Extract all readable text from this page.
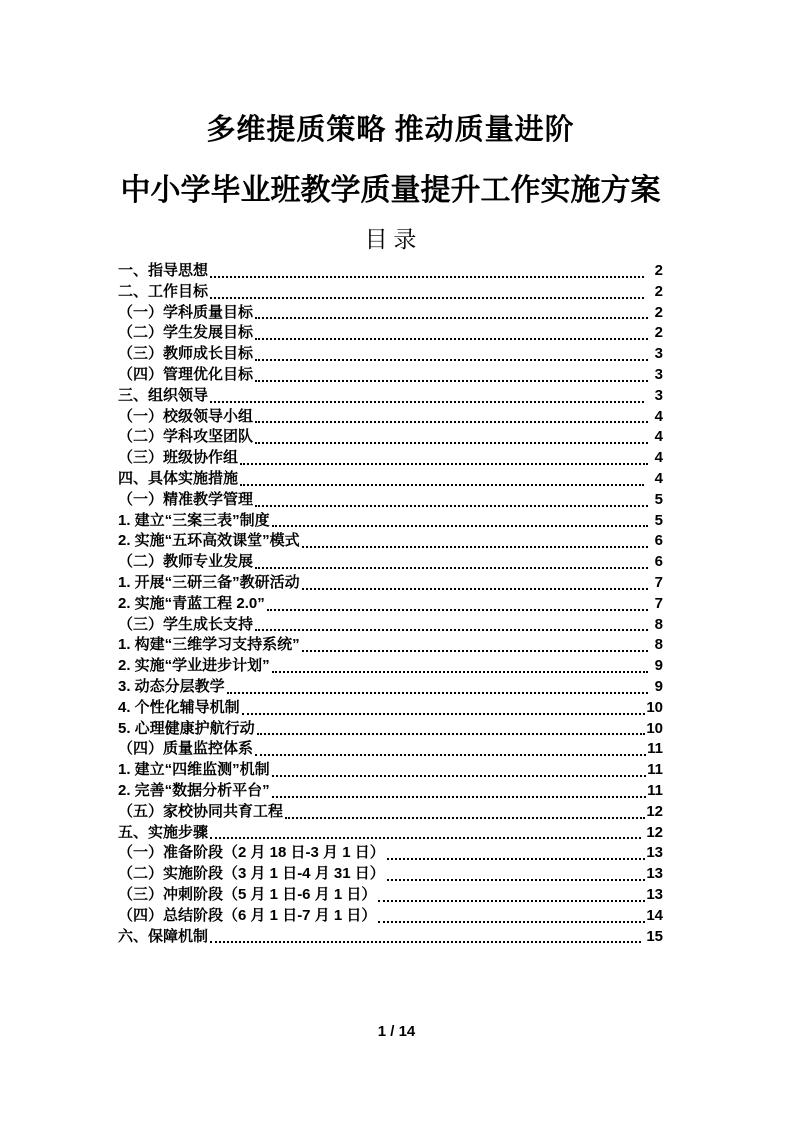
多维提质策略 推动质量进阶
中小学毕业班教学质量提升工作实施方案
目 录
一、指导思想	2
二、工作目标	2
（一）学科质量目标	2
（二）学生发展目标	2
（三）教师成长目标	3
（四）管理优化目标	3
三、组织领导	3
（一）校级领导小组	4
（二）学科攻坚团队	4
（三）班级协作组	4
四、具体实施措施	4
（一）精准教学管理	5
1. 建立“三案三表”制度	5
2. 实施“五环高效课堂”模式	6
（二）教师专业发展	6
1. 开展“三研三备”教研活动	7
2. 实施“青蓝工程 2.0”	7
（三）学生成长支持	8
1. 构建“三维学习支持系统”	8
2. 实施“学业进步计划”	9
3. 动态分层教学	9
4. 个性化辅导机制	10
5. 心理健康护航行动	10
（四）质量监控体系	11
1. 建立“四维监测”机制	11
2. 完善“数据分析平台”	11
（五）家校协同共育工程	12
五、实施步骤	12
（一）准备阶段（2 月 18 日-3 月 1 日）	13
（二）实施阶段（3 月 1 日-4 月 31 日）	13
（三）冲刺阶段（5 月 1 日-6 月 1 日）	13
（四）总结阶段（6 月 1 日-7 月 1 日）	14
六、保障机制	15
1 / 14
